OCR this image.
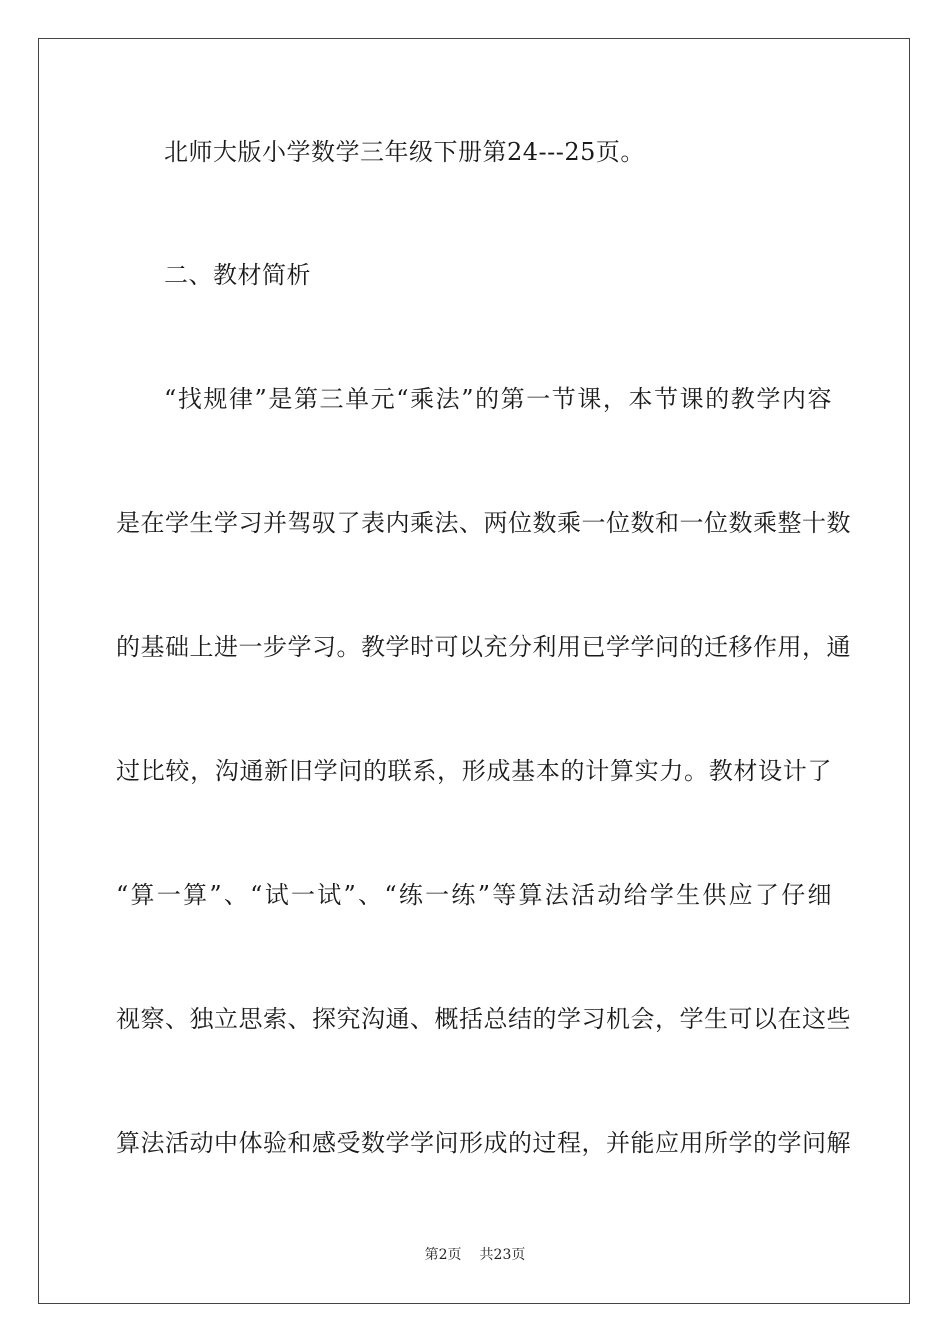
北师大版小学数学三年级下册第24---25页。
二、教材简析
“找规律”是第三单元“乘法”的第一节课，本节课的教学内容
是在学生学习并驾驭了表内乘法、两位数乘一位数和一位数乘整十数
的基础上进一步学习。教学时可以充分利用已学学问的迁移作用，通
过比较，沟通新旧学问的联系，形成基本的计算实力。教材设计了
“算一算”、“试一试”、“练一练”等算法活动给学生供应了仔细
视察、独立思索、探究沟通、概括总结的学习机会，学生可以在这些
算法活动中体验和感受数学学问形成的过程，并能应用所学的学问解
第2页 共23页
